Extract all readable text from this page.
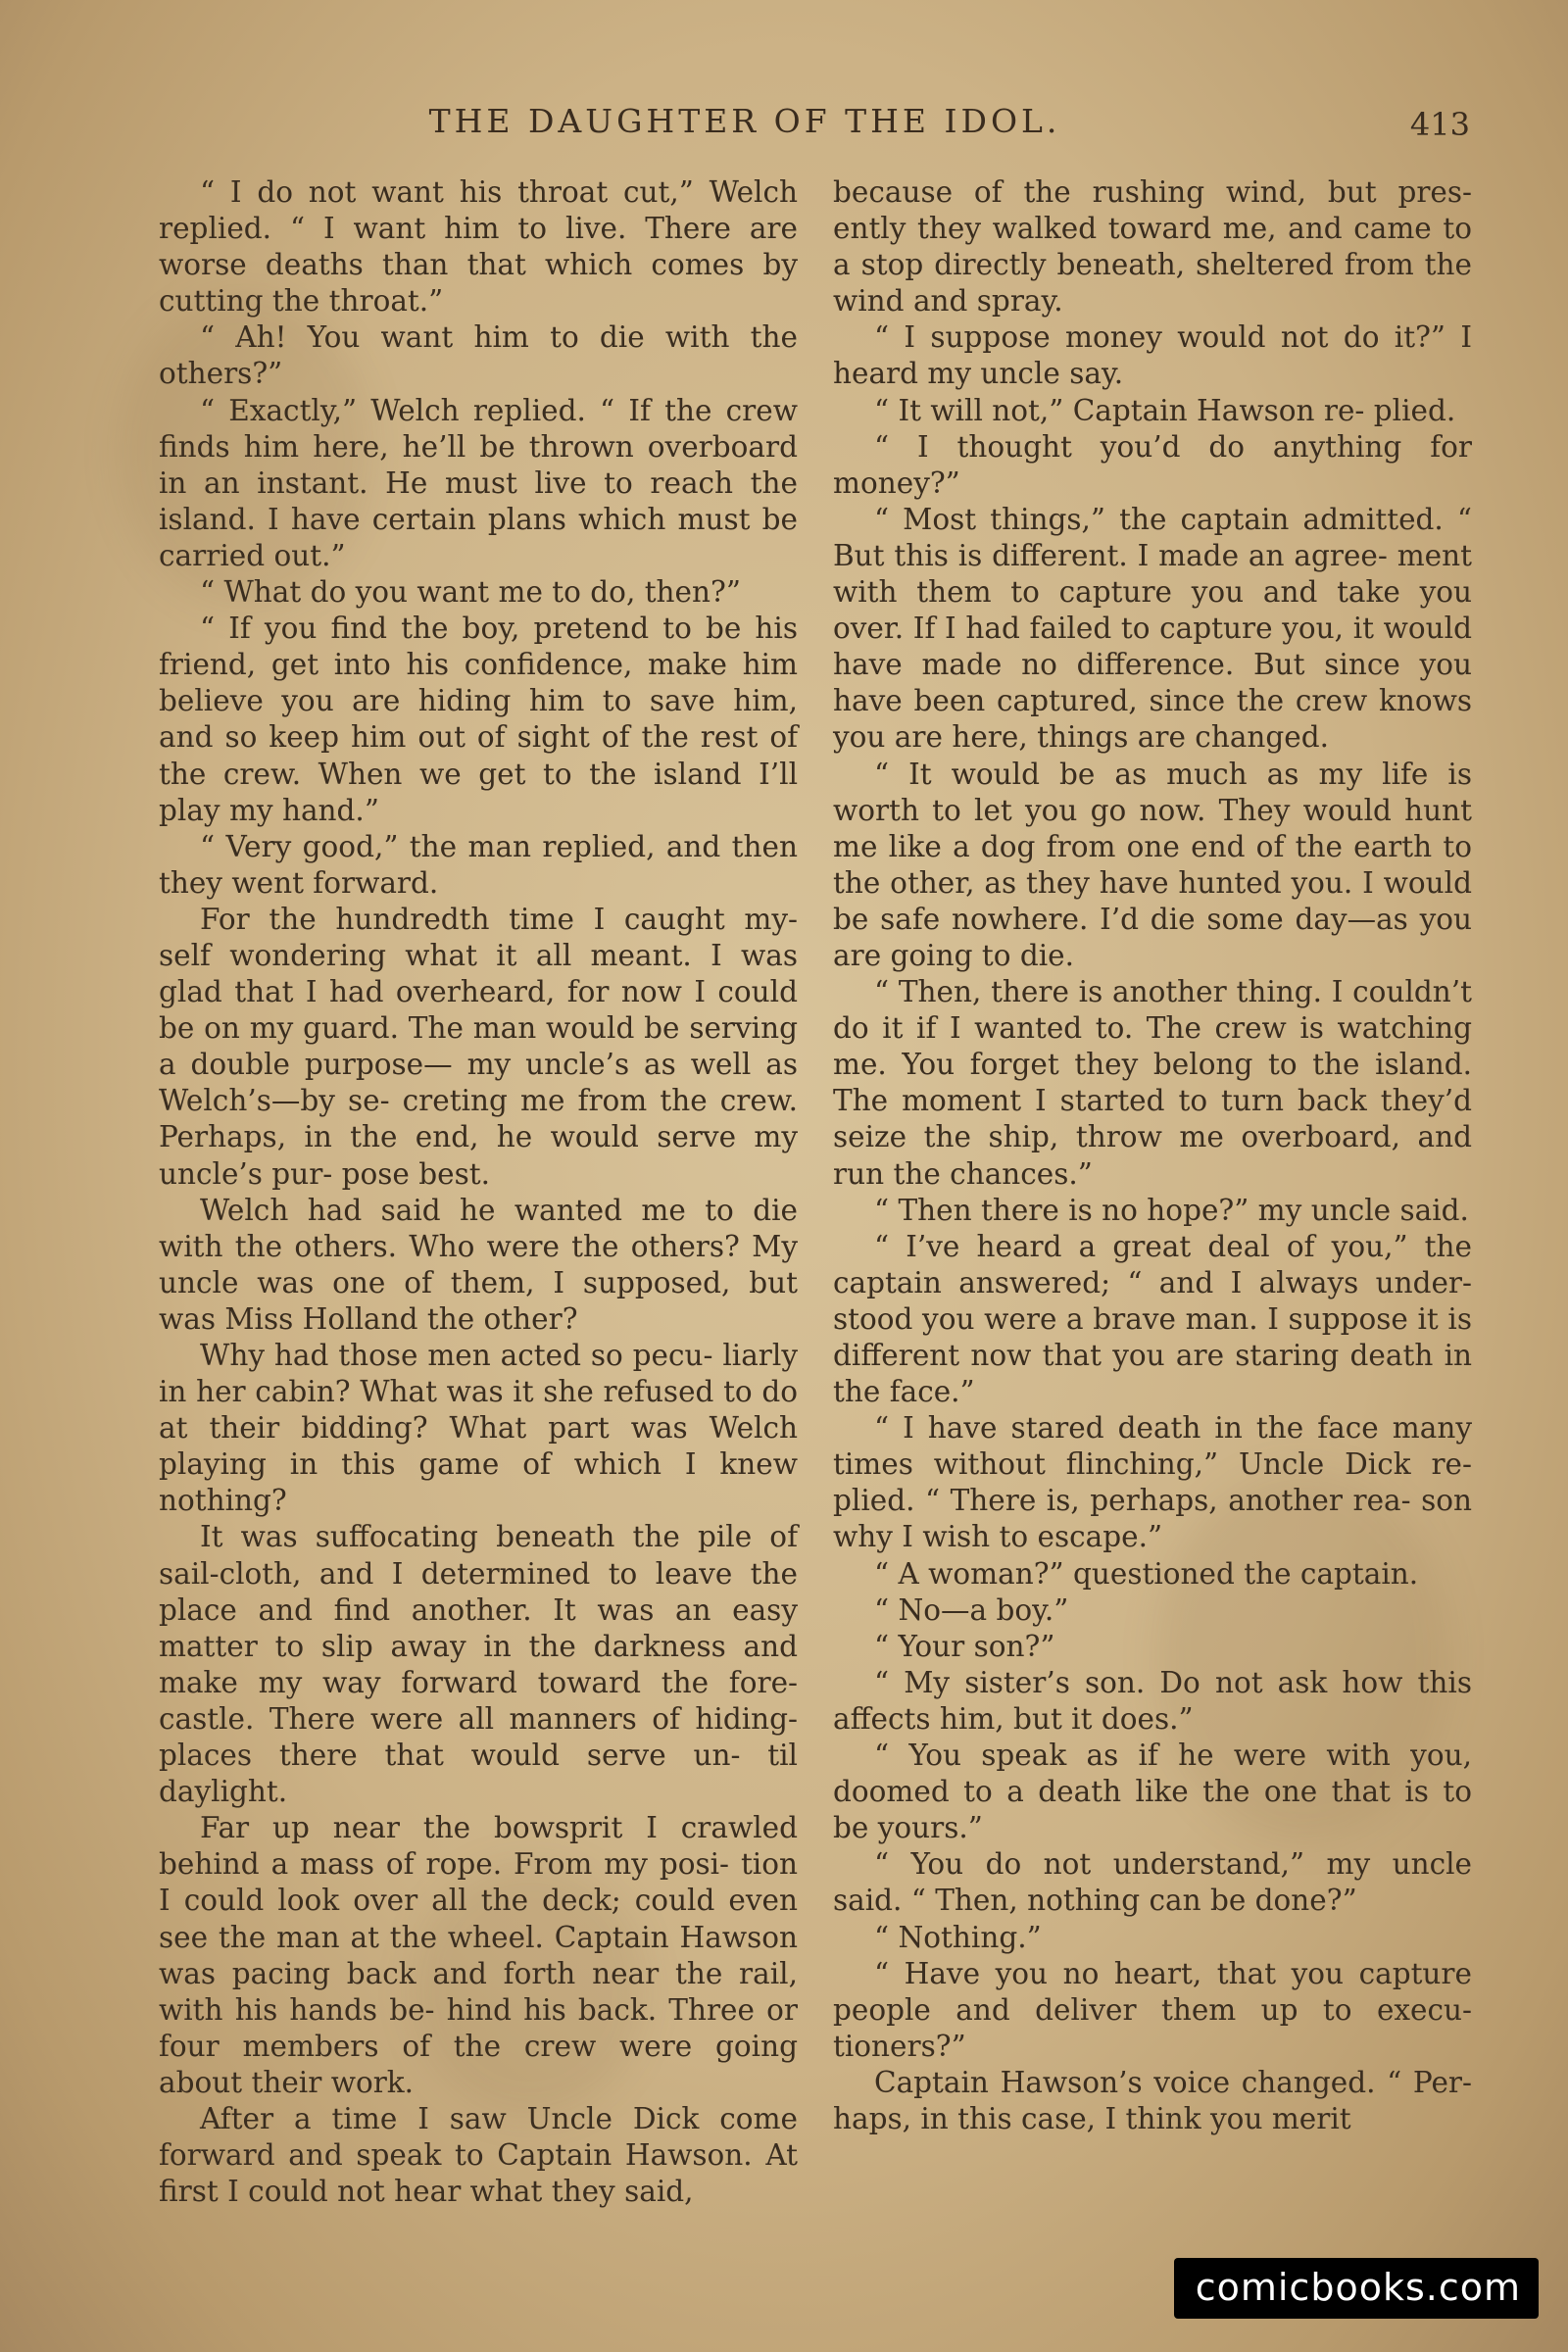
THE DAUGHTER OF THE IDOL.	413

“ I do not want his throat cut,” Welch replied. “ I want him to live. There are worse deaths than that which comes by cutting the throat.”

“ Ah! You want him to die with the others?”

“ Exactly,” Welch replied. “ If the crew finds him here, he’ll be thrown overboard in an instant. He must live to reach the island. I have certain plans which must be carried out.”

“ What do you want me to do, then?”

“ If you find the boy, pretend to be his friend, get into his confidence, make him believe you are hiding him to save him, and so keep him out of sight of the rest of the crew. When we get to the island I’ll play my hand.”

“ Very good,” the man replied, and then they went forward.

For the hundredth time I caught my- self wondering what it all meant. I was glad that I had overheard, for now I could be on my guard. The man would be serving a double purpose— my uncle’s as well as Welch’s—by se- creting me from the crew. Perhaps, in the end, he would serve my uncle’s pur- pose best.

Welch had said he wanted me to die with the others. Who were the others? My uncle was one of them, I supposed, but was Miss Holland the other?

Why had those men acted so pecu- liarly in her cabin? What was it she refused to do at their bidding? What part was Welch playing in this game of which I knew nothing?

It was suffocating beneath the pile of sail-cloth, and I determined to leave the place and find another. It was an easy matter to slip away in the darkness and make my way forward toward the fore- castle. There were all manners of hiding-places there that would serve un- til daylight.

Far up near the bowsprit I crawled behind a mass of rope. From my posi- tion I could look over all the deck; could even see the man at the wheel. Captain Hawson was pacing back and forth near the rail, with his hands be- hind his back. Three or four members of the crew were going about their work.

After a time I saw Uncle Dick come forward and speak to Captain Hawson. At first I could not hear what they said,

because of the rushing wind, but pres- ently they walked toward me, and came to a stop directly beneath, sheltered from the wind and spray.

“ I suppose money would not do it?” I heard my uncle say.

“ It will not,” Captain Hawson re- plied.

“ I thought you’d do anything for money?”

“ Most things,” the captain admitted. “ But this is different. I made an agree- ment with them to capture you and take you over. If I had failed to capture you, it would have made no difference. But since you have been captured, since the crew knows you are here, things are changed.

“ It would be as much as my life is worth to let you go now. They would hunt me like a dog from one end of the earth to the other, as they have hunted you. I would be safe nowhere. I’d die some day—as you are going to die.

“ Then, there is another thing. I couldn’t do it if I wanted to. The crew is watching me. You forget they belong to the island. The moment I started to turn back they’d seize the ship, throw me overboard, and run the chances.”

“ Then there is no hope?” my uncle said.

“ I’ve heard a great deal of you,” the captain answered; “ and I always under- stood you were a brave man. I suppose it is different now that you are staring death in the face.”

“ I have stared death in the face many times without flinching,” Uncle Dick re- plied. “ There is, perhaps, another rea- son why I wish to escape.”

“ A woman?” questioned the captain.

“ No—a boy.”

“ Your son?”

“ My sister’s son. Do not ask how this affects him, but it does.”

“ You speak as if he were with you, doomed to a death like the one that is to be yours.”

“ You do not understand,” my uncle said. “ Then, nothing can be done?”

“ Nothing.”

“ Have you no heart, that you capture people and deliver them up to execu- tioners?”

Captain Hawson’s voice changed. “ Per- haps, in this case, I think you merit

comicbooks.com
